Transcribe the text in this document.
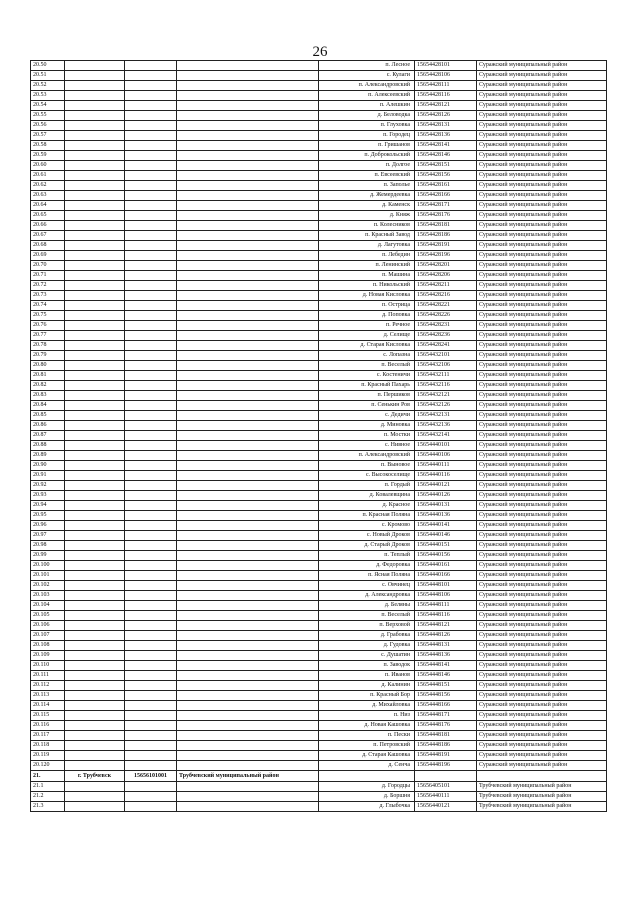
26
20.50				п. Лесное	15654428101	Суражский муниципальный район
20.51				с. Кулаги	15654428106	Суражский муниципальный район
20.52				п. Александровский	15654428111	Суражский муниципальный район
20.53				п. Алексеевский	15654428116	Суражский муниципальный район
20.54				п. Алешкин	15654428121	Суражский муниципальный район
20.55				д. Беловодка	15654428126	Суражский муниципальный район
20.56				п. Глуховка	15654428131	Суражский муниципальный район
20.57				п. Городец	15654428136	Суражский муниципальный район
20.58				п. Гришанов	15654428141	Суражский муниципальный район
20.59				п. Доброкольский	15654428146	Суражский муниципальный район
20.60				п. Долгое	15654428151	Суражский муниципальный район
20.61				п. Евсеевский	15654428156	Суражский муниципальный район
20.62				п. Заполье	15654428161	Суражский муниципальный район
20.63				д. Жемердеевка	15654428166	Суражский муниципальный район
20.64				д. Каменск	15654428171	Суражский муниципальный район
20.65				д. Княж	15654428176	Суражский муниципальный район
20.66				п. Колесников	15654428181	Суражский муниципальный район
20.67				п. Красный Завод	15654428186	Суражский муниципальный район
20.68				д. Лагутовка	15654428191	Суражский муниципальный район
20.69				п. Лебедин	15654428196	Суражский муниципальный район
20.70				п. Ленинский	15654428201	Суражский муниципальный район
20.71				п. Машина	15654428206	Суражский муниципальный район
20.72				п. Никольский	15654428211	Суражский муниципальный район
20.73				д. Новая Кисловка	15654428216	Суражский муниципальный район
20.74				п. Острица	15654428221	Суражский муниципальный район
20.75				д. Поповка	15654428226	Суражский муниципальный район
20.76				п. Речное	15654428231	Суражский муниципальный район
20.77				д. Селище	15654428236	Суражский муниципальный район
20.78				д. Старая Кисловка	15654428241	Суражский муниципальный район
20.79				с. Лопазна	15654432101	Суражский муниципальный район
20.80				п. Веселый	15654432106	Суражский муниципальный район
20.81				с. Костеничи	15654432111	Суражский муниципальный район
20.82				п. Красный Пахарь	15654432116	Суражский муниципальный район
20.83				п. Першиков	15654432121	Суражский муниципальный район
20.84				п. Сенькин Ров	15654432126	Суражский муниципальный район
20.85				с. Дедичи	15654432131	Суражский муниципальный район
20.86				д. Миновка	15654432136	Суражский муниципальный район
20.87				п. Мостки	15654432141	Суражский муниципальный район
20.88				с. Нивное	15654440101	Суражский муниципальный район
20.89				п. Александровский	15654440106	Суражский муниципальный район
20.90				п. Выновое	15654440111	Суражский муниципальный район
20.91				с. Высокоселище	15654440116	Суражский муниципальный район
20.92				п. Гордый	15654440121	Суражский муниципальный район
20.93				д. Ковалевщина	15654440126	Суражский муниципальный район
20.94				д. Красное	15654440131	Суражский муниципальный район
20.95				п. Красная Поляна	15654440136	Суражский муниципальный район
20.96				с. Кромово	15654440141	Суражский муниципальный район
20.97				с. Новый Дроков	15654440146	Суражский муниципальный район
20.98				д. Старый Дроков	15654440151	Суражский муниципальный район
20.99				п. Теплый	15654440156	Суражский муниципальный район
20.100				д. Федоровка	15654440161	Суражский муниципальный район
20.101				п. Ясная Поляна	15654440166	Суражский муниципальный район
20.102				с. Овчинец	15654448101	Суражский муниципальный район
20.103				д. Александровка	15654448106	Суражский муниципальный район
20.104				д. Беляны	15654448111	Суражский муниципальный район
20.105				п. Веселый	15654448116	Суражский муниципальный район
20.106				п. Верховой	15654448121	Суражский муниципальный район
20.107				д. Грабовка	15654448126	Суражский муниципальный район
20.108				д. Гудовка	15654448131	Суражский муниципальный район
20.109				с. Душатин	15654448136	Суражский муниципальный район
20.110				п. Заводок	15654448141	Суражский муниципальный район
20.111				п. Иванов	15654448146	Суражский муниципальный район
20.112				д. Калинин	15654448151	Суражский муниципальный район
20.113				п. Красный Бор	15654448156	Суражский муниципальный район
20.114				д. Михайловка	15654448166	Суражский муниципальный район
20.115				п. Низ	15654448171	Суражский муниципальный район
20.116				д. Новая Кашовка	15654448176	Суражский муниципальный район
20.117				п. Пески	15654448181	Суражский муниципальный район
20.118				п. Петровский	15654448186	Суражский муниципальный район
20.119				д. Старая Кашовка	15654448191	Суражский муниципальный район
20.120				д. Сенча	15654448196	Суражский муниципальный район
21.	г. Трубчевск	15656101001	Трубчевский муниципальный район			
21.1				д. Городцы	15656405101	Трубчевский муниципальный район
21.2				д. Боршня	15656440111	Трубчевский муниципальный район
21.3				д. Глыбочка	15656440121	Трубчевский муниципальный район
